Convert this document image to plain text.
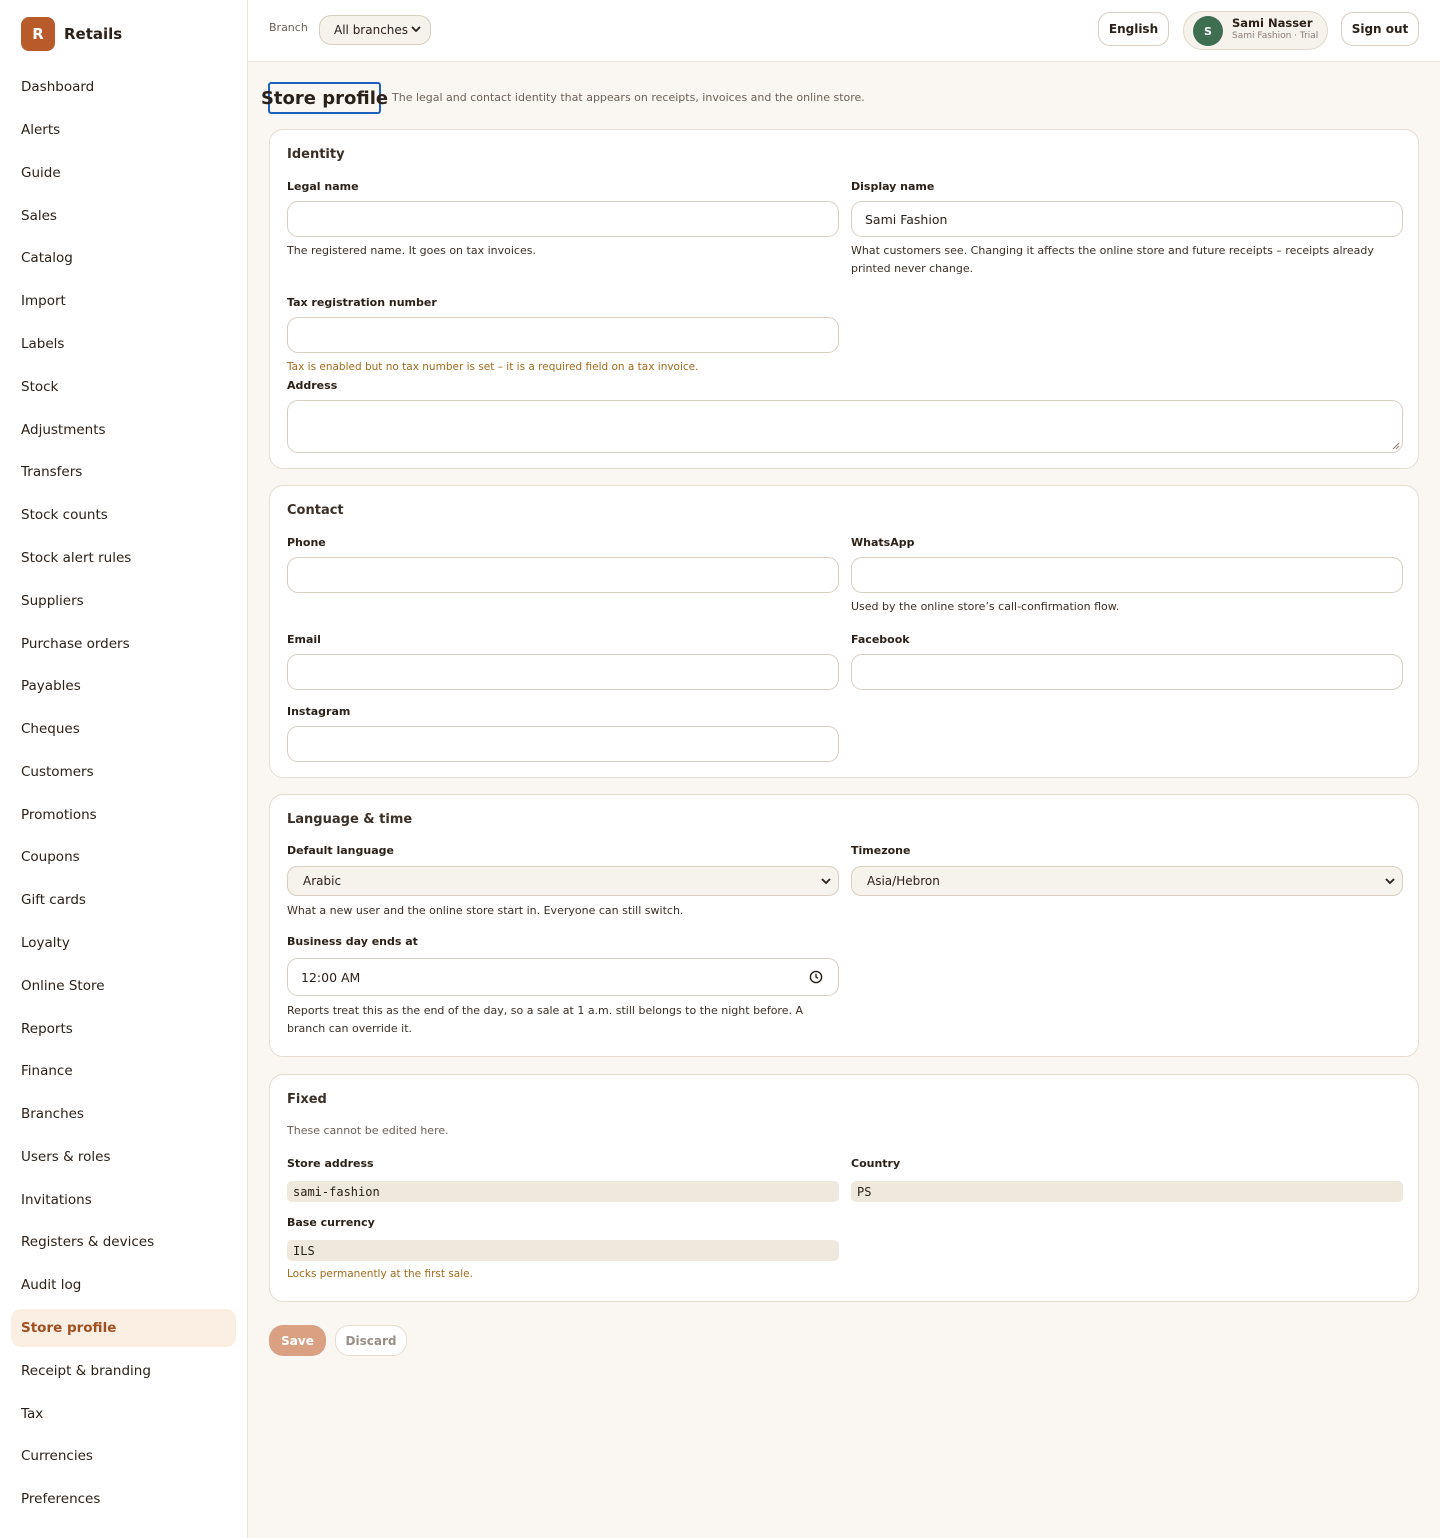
R	Retails
Dashboard
Alerts
Guide
Sales
Catalog
Import
Labels
Stock
Adjustments
Transfers
Stock counts
Stock alert rules
Suppliers
Purchase orders
Payables
Cheques
Customers
Promotions
Coupons
Gift cards
Loyalty
Online Store
Reports
Finance
Branches
Users & roles
Invitations
Registers & devices
Audit log
Store profile
Receipt & branding
Tax
Currencies
Preferences
Branch All branches	English	S
Sami Nasser
Sami Fashion · Trial	Sign out
Store profile The legal and contact identity that appears on receipts, invoices and the online store.

Identity
Legal name

The registered name. It goes on tax invoices.

Display name
Sami Fashion

What customers see. Changing it affects the online store and future receipts – receipts already printed never change.

Tax registration number

Tax is enabled but no tax number is set – it is a required field on a tax invoice.

Address
Contact
Phone	WhatsApp

Used by the online store’s call-confirmation flow.

Email	Facebook
Instagram
Language & time
Default language
Arabic

What a new user and the online store start in. Everyone can still switch.

Timezone
Asia/Hebron
Business day ends at
12:00 AM

Reports treat this as the end of the day, so a sale at 1 a.m. still belongs to the night before. A branch can override it.

Fixed

These cannot be edited here.

Store address
sami-fashion
Country
PS
Base currency
ILS

Locks permanently at the first sale.

Save	Discard
